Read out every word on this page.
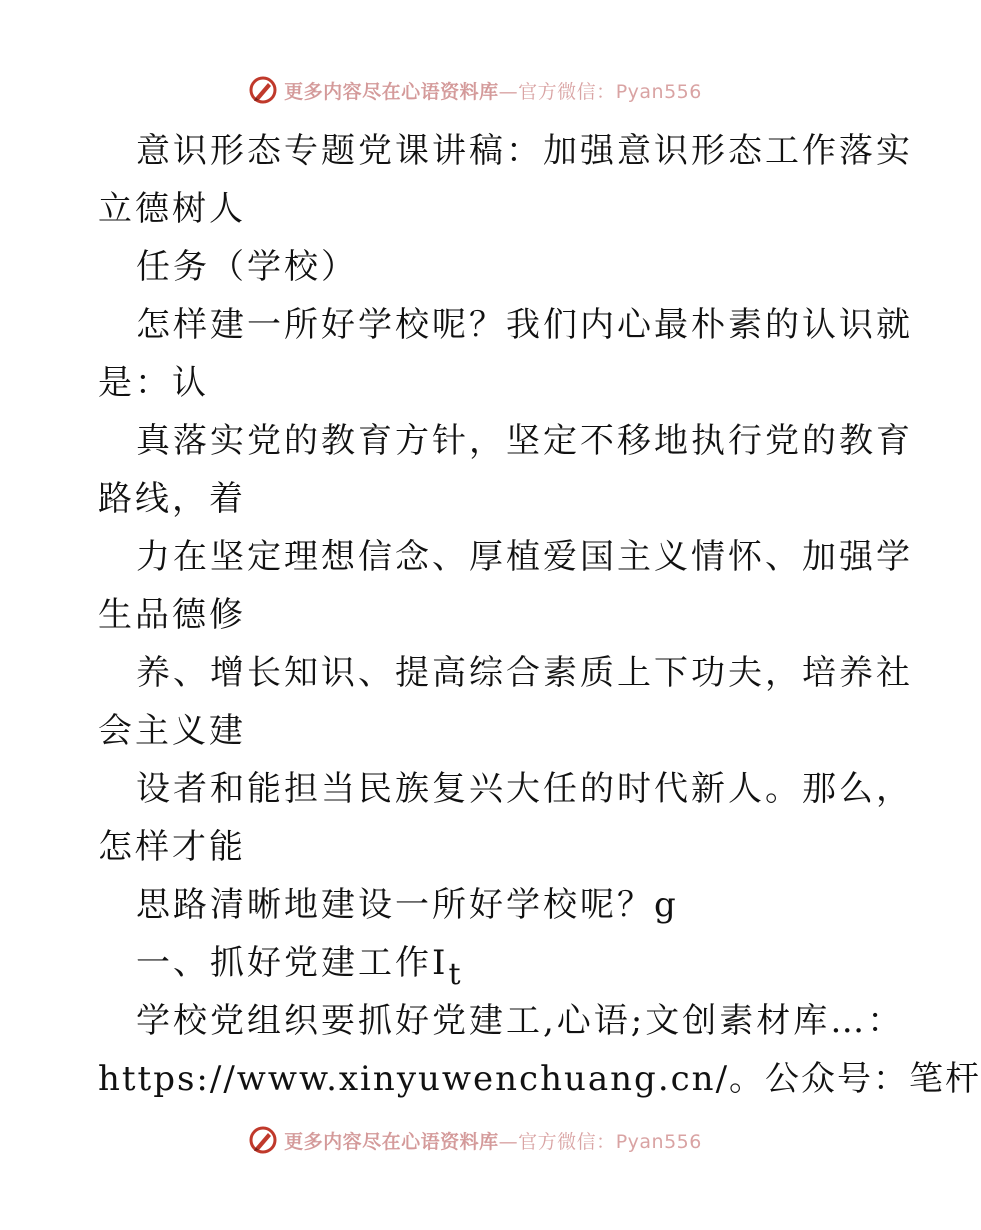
更多内容尽在心语资料库—官方微信：Pyan556
意识形态专题党课讲稿：加强意识形态工作落实
立德树人
任务（学校）
怎样建一所好学校呢？我们内心最朴素的认识就
是：认
真落实党的教育方针，坚定不移地执行党的教育
路线，着
力在坚定理想信念、厚植爱国主义情怀、加强学
生品德修
养、增长知识、提高综合素质上下功夫，培养社
会主义建
设者和能担当民族复兴大任的时代新人。那么，
怎样才能
思路清晰地建设一所好学校呢？g
一、抓好党建工作It
学校党组织要抓好党建工,心语;文创素材库…：
https://www.xinyuwenchuang.cn/。公众号：笔杆
更多内容尽在心语资料库—官方微信：Pyan556
